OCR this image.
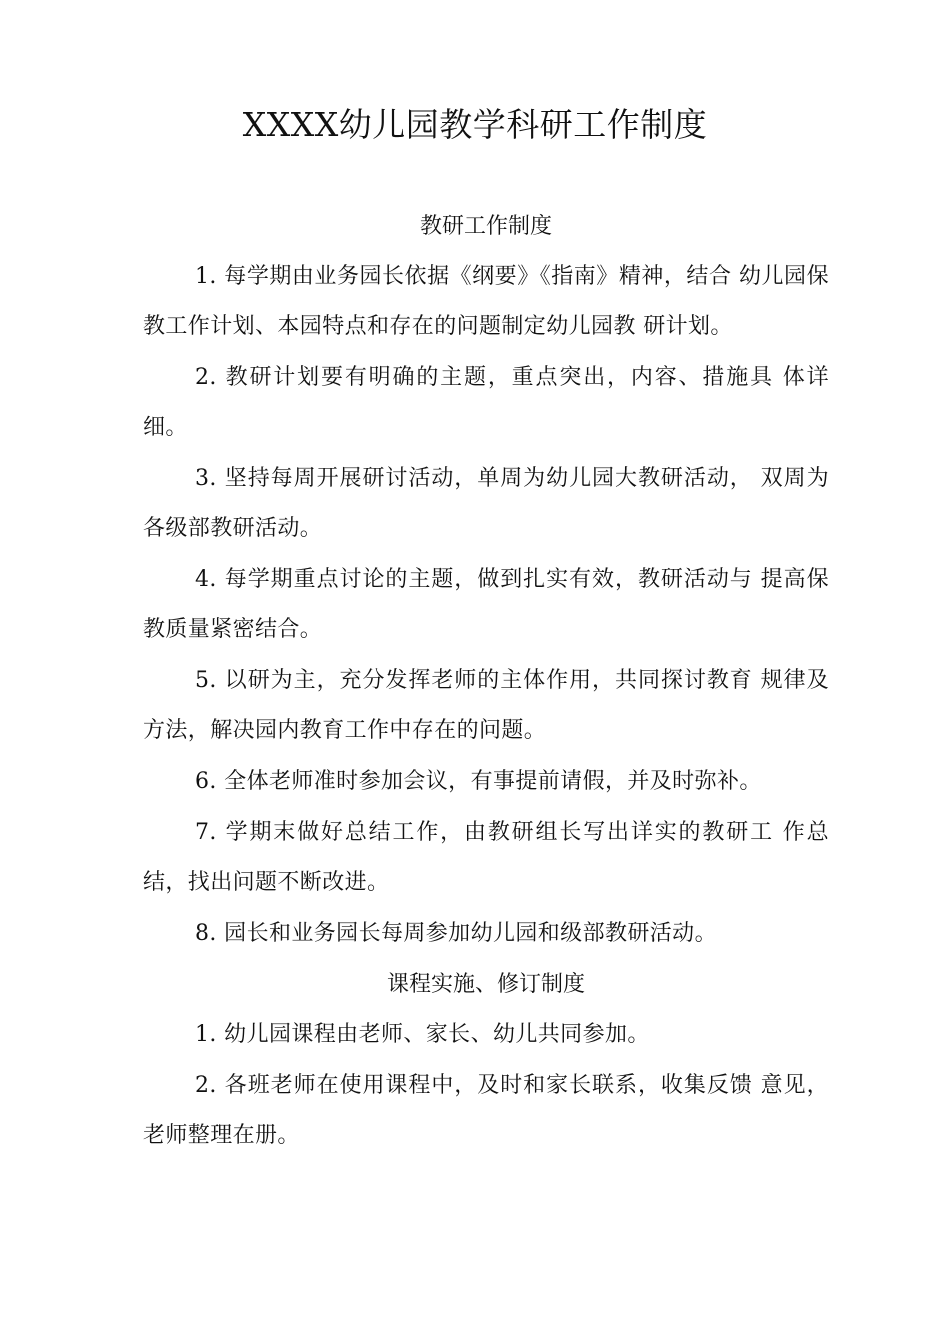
XXXX幼儿园教学科研工作制度
教研工作制度

1. 每学期由业务园长依据《纲要》《指南》精神，结合 幼儿园保教工作计划、本园特点和存在的问题制定幼儿园教 研计划。

2. 教研计划要有明确的主题，重点突出，内容、措施具 体详细。

3. 坚持每周开展研讨活动，单周为幼儿园大教研活动， 双周为各级部教研活动。

4. 每学期重点讨论的主题，做到扎实有效，教研活动与 提高保教质量紧密结合。

5. 以研为主，充分发挥老师的主体作用，共同探讨教育 规律及方法，解决园内教育工作中存在的问题。

6. 全体老师准时参加会议，有事提前请假，并及时弥补。

7. 学期末做好总结工作，由教研组长写出详实的教研工 作总结，找出问题不断改进。

8. 园长和业务园长每周参加幼儿园和级部教研活动。

课程实施、修订制度

1. 幼儿园课程由老师、家长、幼儿共同参加。

2. 各班老师在使用课程中，及时和家长联系，收集反馈 意见，老师整理在册。
